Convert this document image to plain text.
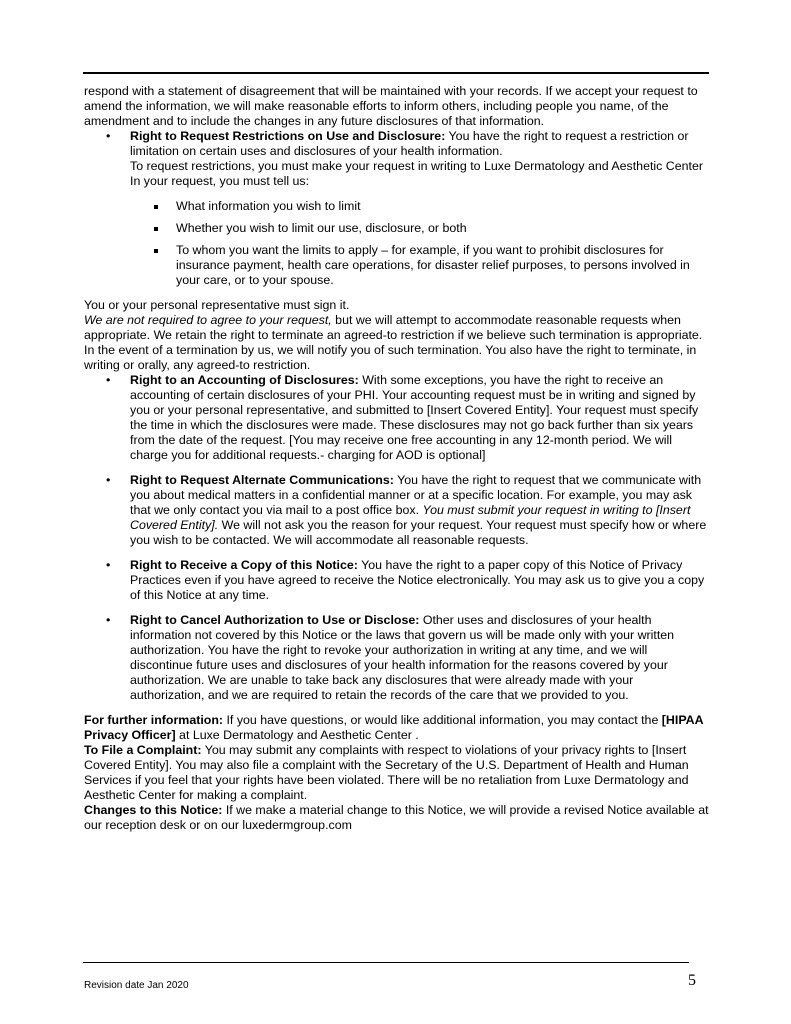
respond with a statement of disagreement that will be maintained with your records. If we accept your request to amend the information, we will make reasonable efforts to inform others, including people you name, of the amendment and to include the changes in any future disclosures of that information.

• Right to Request Restrictions on Use and Disclosure: You have the right to request a restriction or limitation on certain uses and disclosures of your health information.

To request restrictions, you must make your request in writing to Luxe Dermatology and Aesthetic Center In your request, you must tell us:

What information you wish to limit
Whether you wish to limit our use, disclosure, or both
To whom you want the limits to apply – for example, if you want to prohibit disclosures for insurance payment, health care operations, for disaster relief purposes, to persons involved in your care, or to your spouse.

You or your personal representative must sign it.

We are not required to agree to your request, but we will attempt to accommodate reasonable requests when appropriate. We retain the right to terminate an agreed-to restriction if we believe such termination is appropriate. In the event of a termination by us, we will notify you of such termination. You also have the right to terminate, in writing or orally, any agreed-to restriction.

• Right to an Accounting of Disclosures: With some exceptions, you have the right to receive an accounting of certain disclosures of your PHI. Your accounting request must be in writing and signed by you or your personal representative, and submitted to [Insert Covered Entity]. Your request must specify the time in which the disclosures were made. These disclosures may not go back further than six years from the date of the request. [You may receive one free accounting in any 12-month period. We will charge you for additional requests.- charging for AOD is optional]

• Right to Request Alternate Communications: You have the right to request that we communicate with you about medical matters in a confidential manner or at a specific location. For example, you may ask that we only contact you via mail to a post office box. You must submit your request in writing to [Insert Covered Entity]. We will not ask you the reason for your request. Your request must specify how or where you wish to be contacted. We will accommodate all reasonable requests.

• Right to Receive a Copy of this Notice: You have the right to a paper copy of this Notice of Privacy Practices even if you have agreed to receive the Notice electronically. You may ask us to give you a copy of this Notice at any time.

• Right to Cancel Authorization to Use or Disclose: Other uses and disclosures of your health information not covered by this Notice or the laws that govern us will be made only with your written authorization. You have the right to revoke your authorization in writing at any time, and we will discontinue future uses and disclosures of your health information for the reasons covered by your authorization. We are unable to take back any disclosures that were already made with your authorization, and we are required to retain the records of the care that we provided to you.

For further information: If you have questions, or would like additional information, you may contact the [HIPAA Privacy Officer] at Luxe Dermatology and Aesthetic Center .

To File a Complaint: You may submit any complaints with respect to violations of your privacy rights to [Insert Covered Entity]. You may also file a complaint with the Secretary of the U.S. Department of Health and Human Services if you feel that your rights have been violated. There will be no retaliation from Luxe Dermatology and Aesthetic Center for making a complaint.

Changes to this Notice: If we make a material change to this Notice, we will provide a revised Notice available at our reception desk or on our luxedermgroup.com

Revision date Jan 2020	5
